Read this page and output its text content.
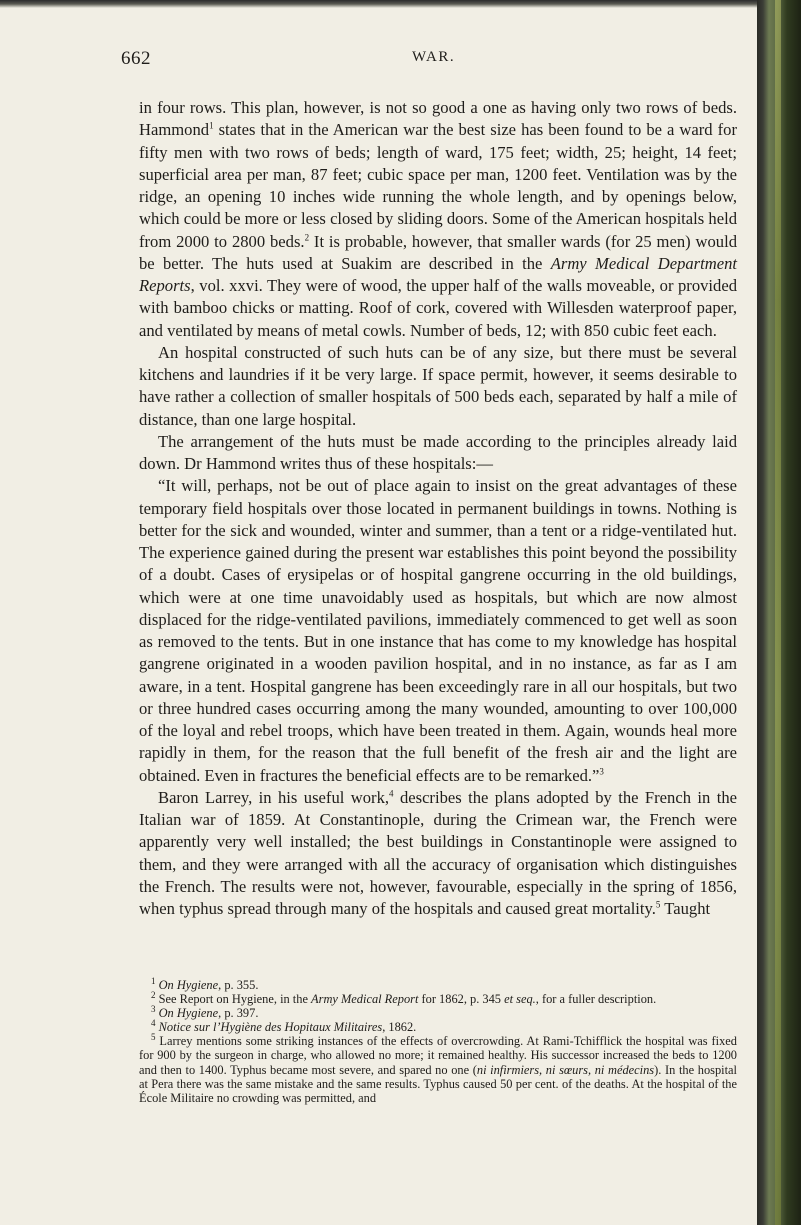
662	WAR.

in four rows. This plan, however, is not so good a one as having only two rows of beds. Hammond$^1$ states that in the American war the best size has been found to be a ward for fifty men with two rows of beds; length of ward, 175 feet; width, 25; height, 14 feet; superficial area per man, 87 feet; cubic space per man, 1200 feet. Ventilation was by the ridge, an opening 10 inches wide running the whole length, and by openings below, which could be more or less closed by sliding doors. Some of the American hospitals held from 2000 to 2800 beds.$^2$ It is probable, however, that smaller wards (for 25 men) would be better. The huts used at Suakim are described in the Army Medical Department Reports, vol. xxvi. They were of wood, the upper half of the walls moveable, or provided with bamboo chicks or matting. Roof of cork, covered with Willesden waterproof paper, and ventilated by means of metal cowls. Number of beds, 12; with 850 cubic feet each.

An hospital constructed of such huts can be of any size, but there must be several kitchens and laundries if it be very large. If space permit, however, it seems desirable to have rather a collection of smaller hospitals of 500 beds each, separated by half a mile of distance, than one large hospital.

The arrangement of the huts must be made according to the principles already laid down. Dr Hammond writes thus of these hospitals:—

“It will, perhaps, not be out of place again to insist on the great advantages of these temporary field hospitals over those located in permanent buildings in towns. Nothing is better for the sick and wounded, winter and summer, than a tent or a ridge-ventilated hut. The experience gained during the present war establishes this point beyond the possibility of a doubt. Cases of erysipelas or of hospital gangrene occurring in the old buildings, which were at one time unavoidably used as hospitals, but which are now almost displaced for the ridge-ventilated pavilions, immediately commenced to get well as soon as removed to the tents. But in one instance that has come to my knowledge has hospital gangrene originated in a wooden pavilion hospital, and in no instance, as far as I am aware, in a tent. Hospital gangrene has been exceedingly rare in all our hospitals, but two or three hundred cases occurring among the many wounded, amounting to over 100,000 of the loyal and rebel troops, which have been treated in them. Again, wounds heal more rapidly in them, for the reason that the full benefit of the fresh air and the light are obtained. Even in fractures the beneficial effects are to be remarked.”$^3$

Baron Larrey, in his useful work,$^4$ describes the plans adopted by the French in the Italian war of 1859. At Constantinople, during the Crimean war, the French were apparently very well installed; the best buildings in Constantinople were assigned to them, and they were arranged with all the accuracy of organisation which distinguishes the French. The results were not, however, favourable, especially in the spring of 1856, when typhus spread through many of the hospitals and caused great mortality.$^5$ Taught

$^1$ On Hygiene, p. 355.

$^2$ See Report on Hygiene, in the Army Medical Report for 1862, p. 345 et seq., for a fuller description.

$^3$ On Hygiene, p. 397.

$^4$ Notice sur l’Hygiène des Hopitaux Militaires, 1862.

$^5$ Larrey mentions some striking instances of the effects of overcrowding. At Rami-Tchifflick the hospital was fixed for 900 by the surgeon in charge, who allowed no more; it remained healthy. His successor increased the beds to 1200 and then to 1400. Typhus became most severe, and spared no one (ni infirmiers, ni sœurs, ni médecins). In the hospital at Pera there was the same mistake and the same results. Typhus caused 50 per cent. of the deaths. At the hospital of the École Militaire no crowding was permitted, and
